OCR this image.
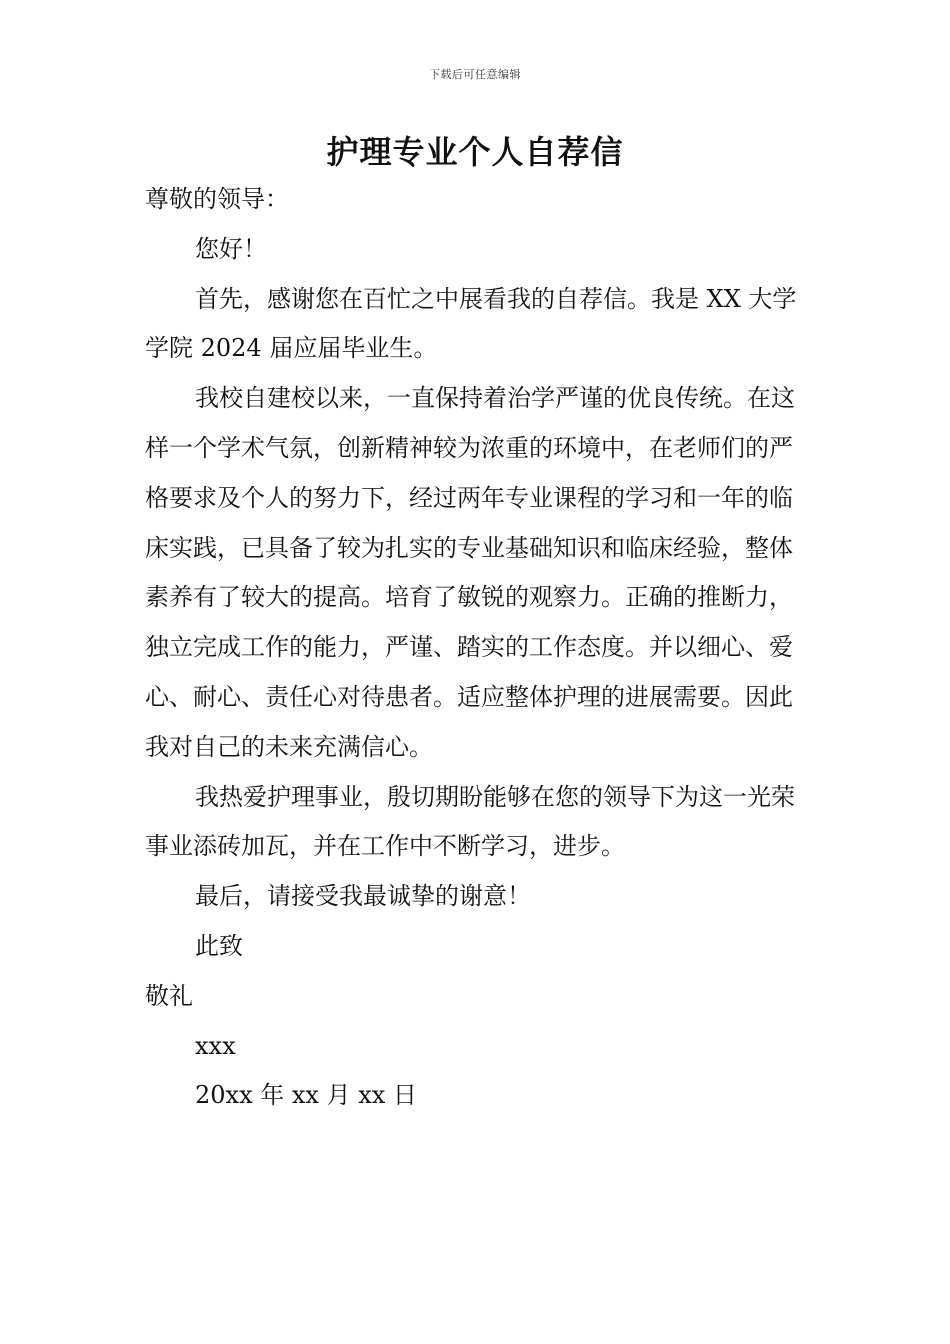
下载后可任意编辑
护理专业个人自荐信

尊敬的领导：

您好！

首先，感谢您在百忙之中展看我的自荐信。我是 XX 大学学院 2024 届应届毕业生。

我校自建校以来，一直保持着治学严谨的优良传统。在这样一个学术气氛，创新精神较为浓重的环境中，在老师们的严格要求及个人的努力下，经过两年专业课程的学习和一年的临床实践，已具备了较为扎实的专业基础知识和临床经验，整体素养有了较大的提高。培育了敏锐的观察力。正确的推断力，独立完成工作的能力，严谨、踏实的工作态度。并以细心、爱心、耐心、责任心对待患者。适应整体护理的进展需要。因此我对自己的未来充满信心。

我热爱护理事业，殷切期盼能够在您的领导下为这一光荣事业添砖加瓦，并在工作中不断学习，进步。

最后，请接受我最诚挚的谢意！

此致

敬礼

xxx

20xx 年 xx 月 xx 日
